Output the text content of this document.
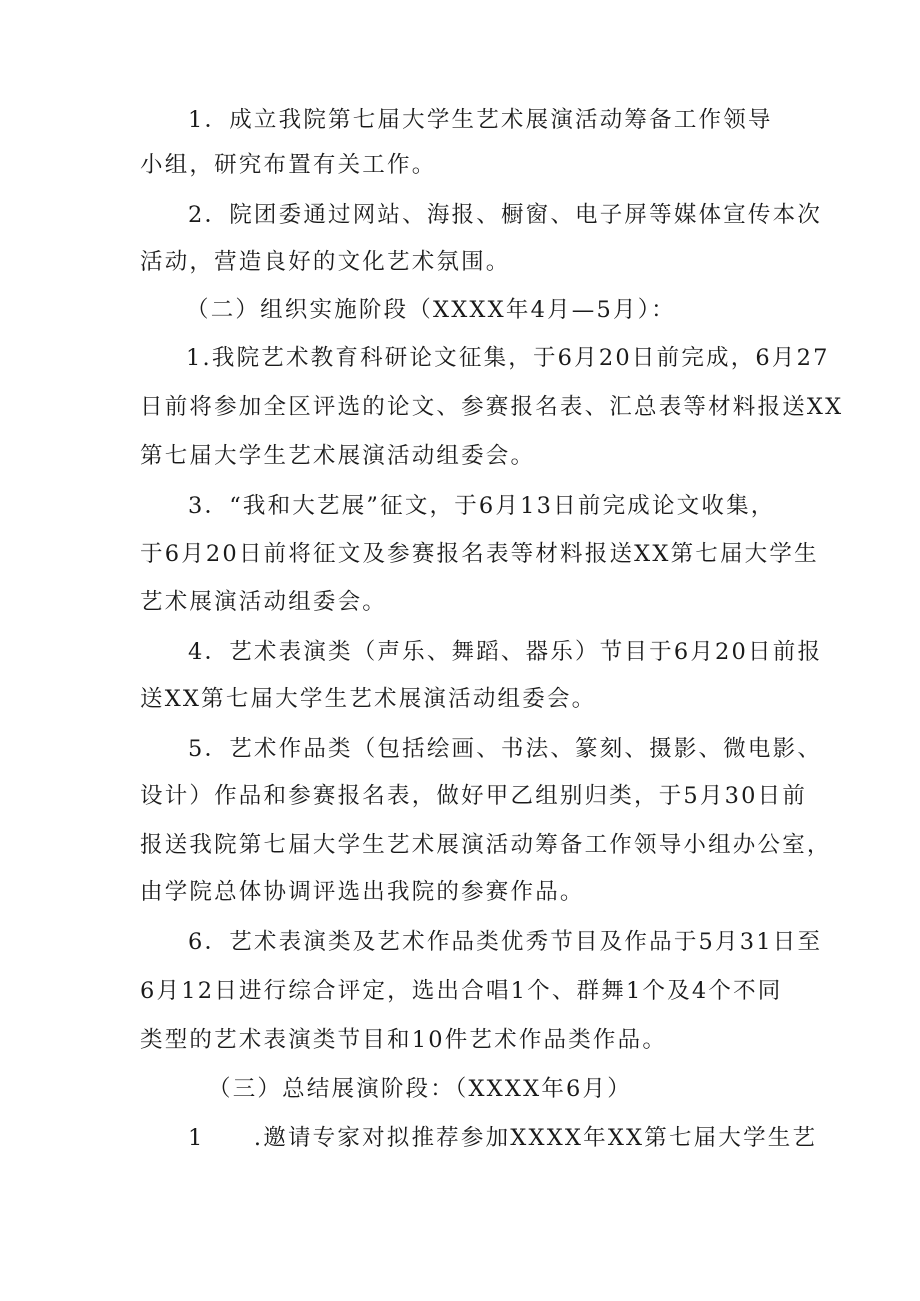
1．成立我院第七届大学生艺术展演活动筹备工作领导
小组，研究布置有关工作。
2．院团委通过网站、海报、橱窗、电子屏等媒体宣传本次
活动，营造良好的文化艺术氛围。
（二）组织实施阶段（XXXX年4月—5月）：
1.我院艺术教育科研论文征集，于6月20日前完成，6月27
日前将参加全区评选的论文、参赛报名表、汇总表等材料报送XX
第七届大学生艺术展演活动组委会。
3．“我和大艺展”征文，于6月13日前完成论文收集，
于6月20日前将征文及参赛报名表等材料报送XX第七届大学生
艺术展演活动组委会。
4．艺术表演类（声乐、舞蹈、器乐）节目于6月20日前报
送XX第七届大学生艺术展演活动组委会。
5．艺术作品类（包括绘画、书法、篆刻、摄影、微电影、
设计）作品和参赛报名表，做好甲乙组别归类，于5月30日前
报送我院第七届大学生艺术展演活动筹备工作领导小组办公室，
由学院总体协调评选出我院的参赛作品。
6．艺术表演类及艺术作品类优秀节目及作品于5月31日至
6月12日进行综合评定，选出合唱1个、群舞1个及4个不同
类型的艺术表演类节目和10件艺术作品类作品。
（三）总结展演阶段：（XXXX年6月）
1　　.邀请专家对拟推荐参加XXXX年XX第七届大学生艺
